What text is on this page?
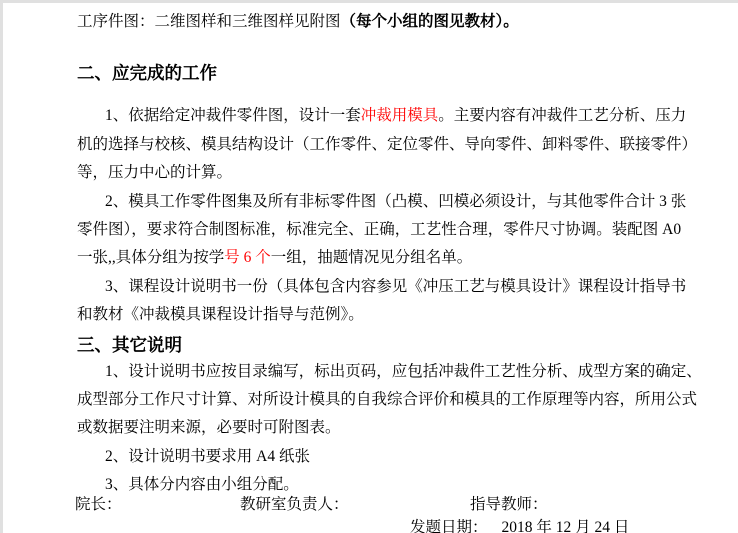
工序件图：二维图样和三维图样见附图（每个小组的图见教材）。
二、应完成的工作
1、依据给定冲裁件零件图，设计一套冲裁用模具。主要内容有冲裁件工艺分析、压力
机的选择与校核、模具结构设计（工作零件、定位零件、导向零件、卸料零件、联接零件）
等，压力中心的计算。
2、模具工作零件图集及所有非标零件图（凸模、凹模必须设计，与其他零件合计 3 张
零件图），要求符合制图标准，标准完全、正确，工艺性合理，零件尺寸协调。装配图 A0
一张,,具体分组为按学号 6 个一组，抽题情况见分组名单。
3、课程设计说明书一份（具体包含内容参见《冲压工艺与模具设计》课程设计指导书
和教材《冲裁模具课程设计指导与范例》。
三、其它说明
1、设计说明书应按目录编写，标出页码，应包括冲裁件工艺性分析、成型方案的确定、
成型部分工作尺寸计算、对所设计模具的自我综合评价和模具的工作原理等内容，所用公式
或数据要注明来源，必要时可附图表。
2、设计说明书要求用 A4 纸张
3、具体分内容由小组分配。
院长：	教研室负责人：	指导教师：
发题日期： 2018 年 12 月 24 日
